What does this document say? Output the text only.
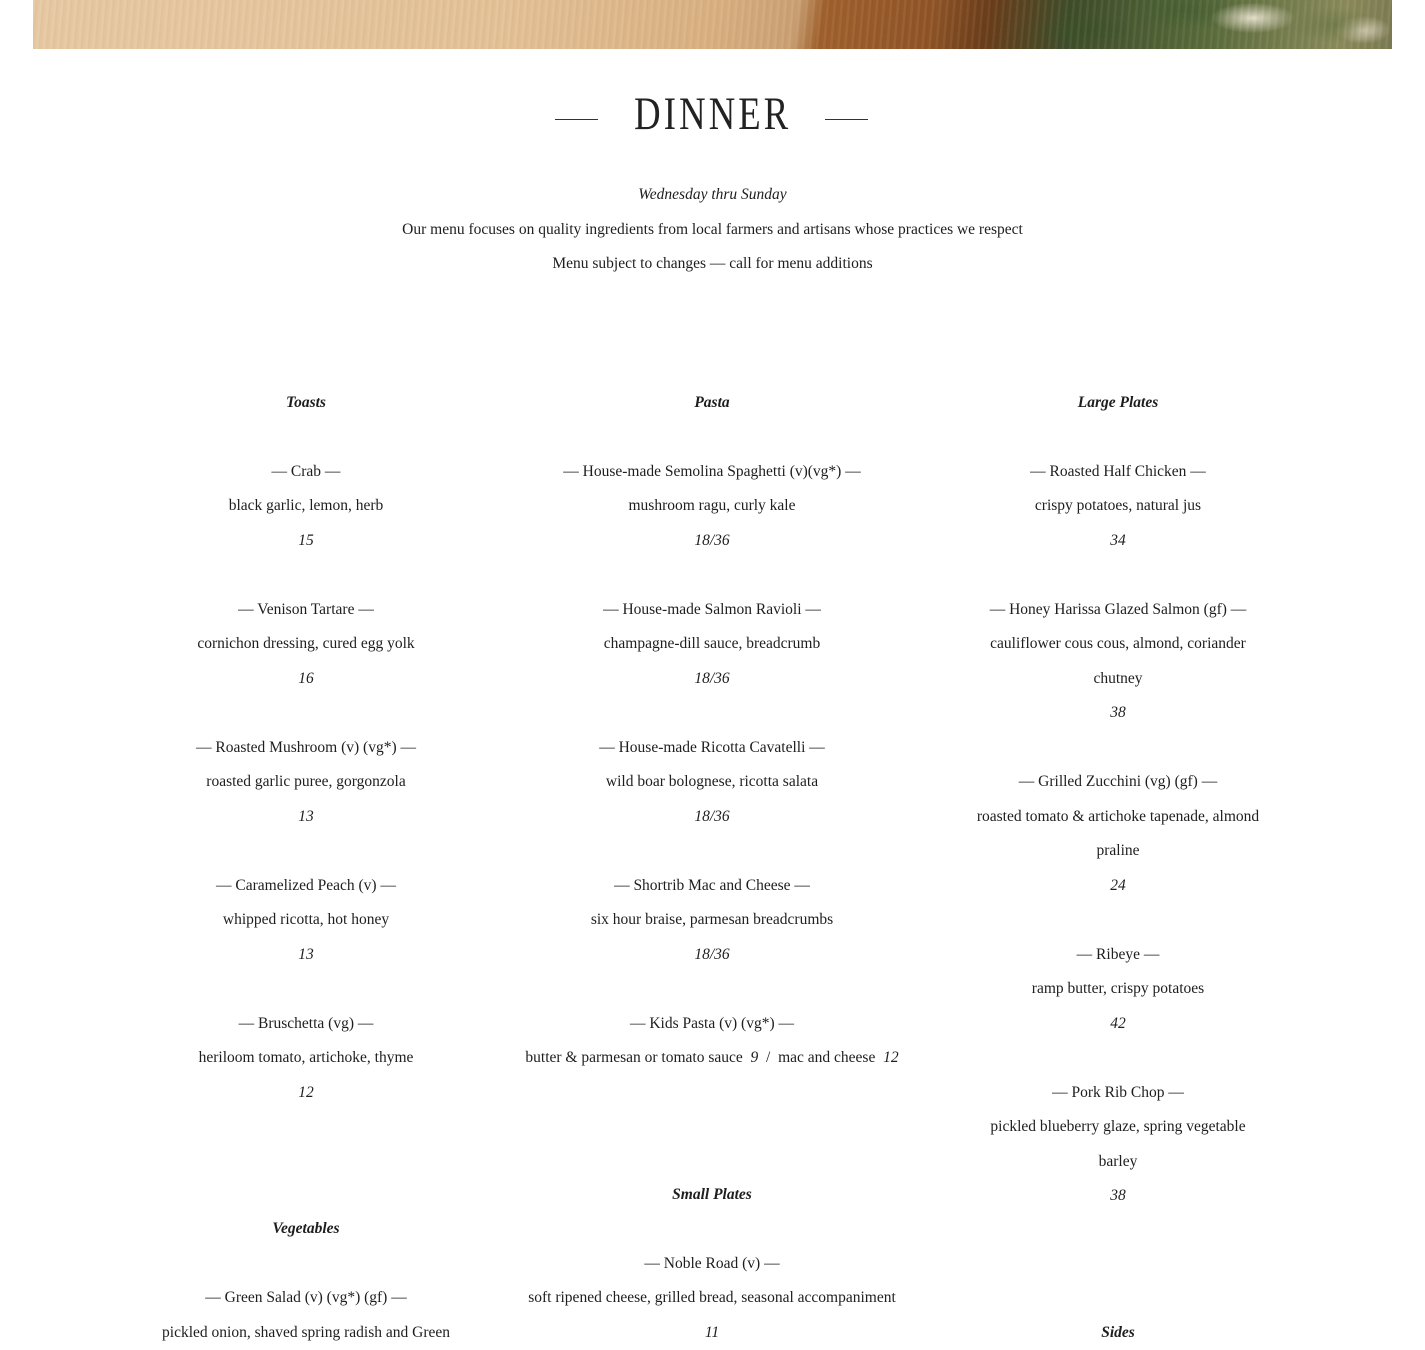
DINNER
Wednesday thru Sunday
Our menu focuses on quality ingredients from local farmers and artisans whose practices we respect
Menu subject to changes — call for menu additions
Toasts
— Crab —
black garlic, lemon, herb
15
— Venison Tartare —
cornichon dressing, cured egg yolk
16
— Roasted Mushroom (v) (vg*) —
roasted garlic puree, gorgonzola
13
— Caramelized Peach (v) —
whipped ricotta, hot honey
13
— Bruschetta (vg) —
heriloom tomato, artichoke, thyme
12
Vegetables
— Green Salad (v) (vg*) (gf) —
pickled onion, shaved spring radish and Green
Pasta
— House-made Semolina Spaghetti (v)(vg*) —
mushroom ragu, curly kale
18/36
— House-made Salmon Ravioli —
champagne-dill sauce, breadcrumb
18/36
— House-made Ricotta Cavatelli —
wild boar bolognese, ricotta salata
18/36
— Shortrib Mac and Cheese —
six hour braise, parmesan breadcrumbs
18/36
— Kids Pasta (v) (vg*) —
butter & parmesan or tomato sauce 9 / mac and cheese 12
Small Plates
— Noble Road (v) —
soft ripened cheese, grilled bread, seasonal accompaniment
11
Large Plates
— Roasted Half Chicken —
crispy potatoes, natural jus
34
— Honey Harissa Glazed Salmon (gf) —
cauliflower cous cous, almond, coriander
chutney
38
— Grilled Zucchini (vg) (gf) —
roasted tomato & artichoke tapenade, almond
praline
24
— Ribeye —
ramp butter, crispy potatoes
42
— Pork Rib Chop —
pickled blueberry glaze, spring vegetable
barley
38
Sides
